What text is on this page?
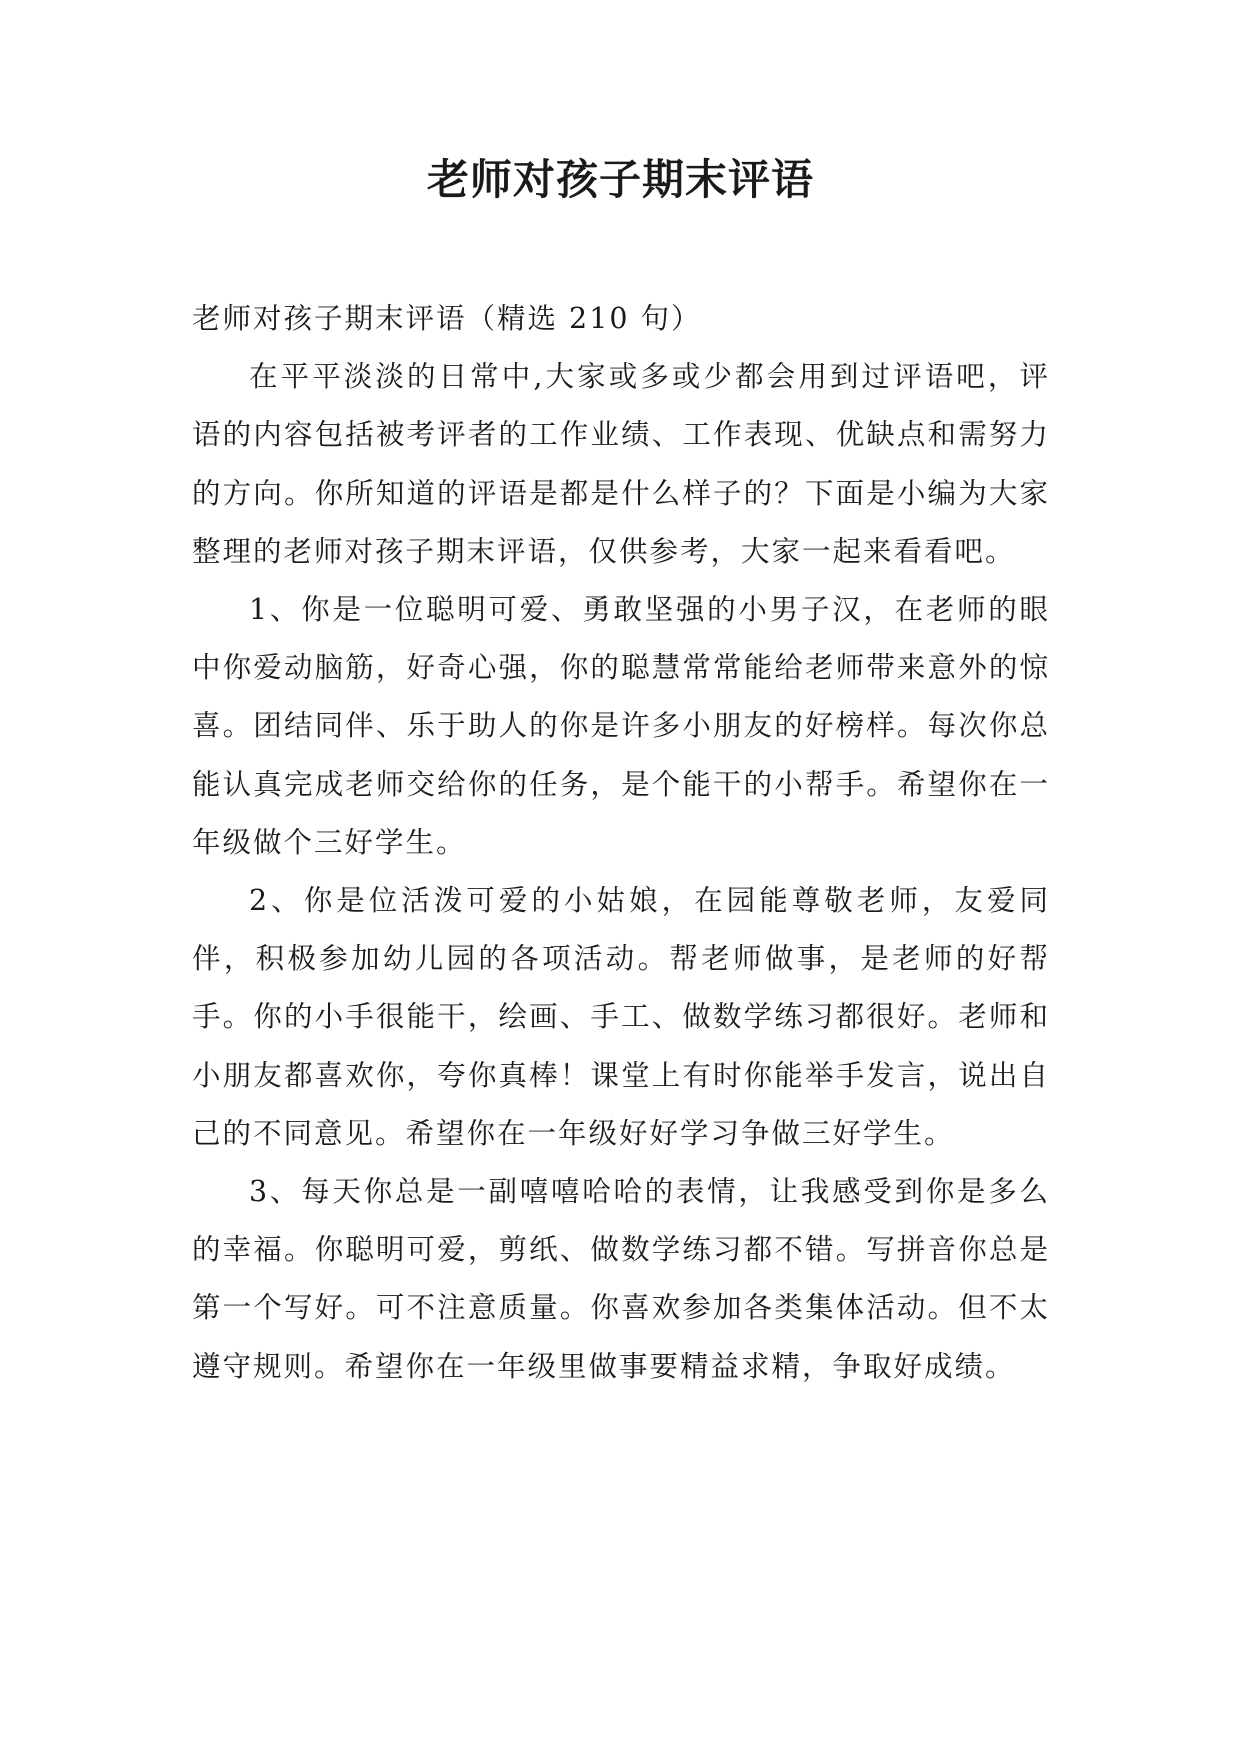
老师对孩子期末评语

老师对孩子期末评语（精选 210 句）

在平平淡淡的日常中,大家或多或少都会用到过评语吧，评语的内容包括被考评者的工作业绩、工作表现、优缺点和需努力的方向。你所知道的评语是都是什么样子的？下面是小编为大家整理的老师对孩子期末评语，仅供参考，大家一起来看看吧。

1、你是一位聪明可爱、勇敢坚强的小男子汉，在老师的眼中你爱动脑筋，好奇心强，你的聪慧常常能给老师带来意外的惊喜。团结同伴、乐于助人的你是许多小朋友的好榜样。每次你总能认真完成老师交给你的任务，是个能干的小帮手。希望你在一年级做个三好学生。

2、你是位活泼可爱的小姑娘，在园能尊敬老师，友爱同伴，积极参加幼儿园的各项活动。帮老师做事，是老师的好帮手。你的小手很能干，绘画、手工、做数学练习都很好。老师和小朋友都喜欢你，夸你真棒！课堂上有时你能举手发言，说出自己的不同意见。希望你在一年级好好学习争做三好学生。

3、每天你总是一副嘻嘻哈哈的表情，让我感受到你是多么的幸福。你聪明可爱，剪纸、做数学练习都不错。写拼音你总是第一个写好。可不注意质量。你喜欢参加各类集体活动。但不太遵守规则。希望你在一年级里做事要精益求精，争取好成绩。
